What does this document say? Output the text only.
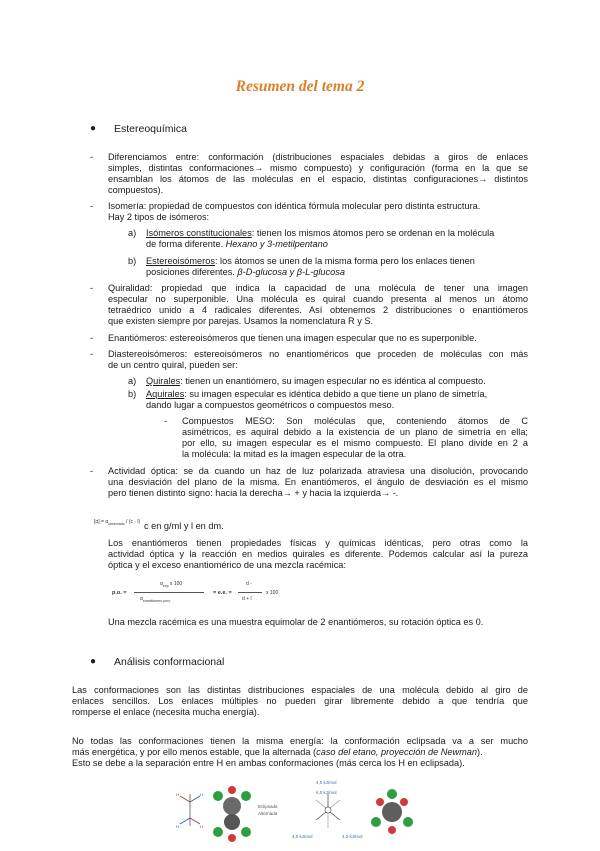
Resumen del tema 2
● Estereoquímica
- Diferenciamos entre: conformación (distribuciones espaciales debidas a giros de enlaces
simples, distintas conformaciones→ mismo compuesto) y configuración (forma en la que se
ensamblan los átomos de las moléculas en el espacio, distintas configuraciones→ distintos
compuestos).
- Isomería: propiedad de compuestos con idéntica fórmula molecular pero distinta estructura.
Hay 2 tipos de isómeros:
a) Isómeros constitucionales: tienen los mismos átomos pero se ordenan en la molécula
de forma diferente. Hexano y 3-metilpentano
b) Estereoisómeros: los átomos se unen de la misma forma pero los enlaces tienen
posiciones diferentes. β-D-glucosa y β-L-glucosa
- Quiralidad: propiedad que indica la capacidad de una molécula de tener una imagen
especular no superponible. Una molécula es quiral cuando presenta al menos un átomo
tetraédrico unido a 4 radicales diferentes. Así obtenemos 2 distribuciones o enantiómeros
que existen siempre por parejas. Usamos la nomenclatura R y S.
- Enantiómeros: estereoisómeros que tienen una imagen especular que no es superponible.
- Diastereoisómeros: estereoisómeros no enantioméricos que proceden de moléculas con más
de un centro quiral, pueden ser:
a) Quirales: tienen un enantiómero, su imagen especular no es idéntica al compuesto.
b) Aquirales: su imagen especular es idéntica debido a que tiene un plano de simetría,
dando lugar a compuestos geométricos o compuestos meso.
- Compuestos MESO: Son moléculas que, conteniendo átomos de C
asimétricos, es aquiral debido a la existencia de un plano de simetría en ella;
por ello, su imagen especular es el mismo compuesto. El plano divide en 2 a
la molécula: la mitad es la imagen especular de la otra.
- Actividad óptica: se da cuando un haz de luz polarizada atraviesa una disolución, provocando
una desviación del plano de la misma. En enantiómeros, el ángulo de desviación es el mismo
pero tienen distinto signo: hacia la derecha→ + y hacia la izquierda→ -.
$[\alpha] = \alpha_{observado} / (c \cdot l)$ c en g/ml y l en dm.
Los enantiómeros tienen propiedades físicas y químicas idénticas, pero otras como la
actividad óptica y la reacción en medios quirales es diferente. Podemos calcular así la pureza
óptica y el exceso enantiomérico de una mezcla racémica:
p.o. =
$\alpha_{exp}$ x 100
$\alpha_{enantiómero puro}$
= e.e. =
d -
d + l
x 100
Una mezcla racémica es una muestra equimolar de 2 enantiómeros, su rotación óptica es 0.
● Análisis conformacional
Las conformaciones son las distintas distribuciones espaciales de una molécula debido al giro de
enlaces sencillos. Los enlaces múltiples no pueden girar libremente debido a que tendría que
romperse el enlace (necesita mucha energía).
No todas las conformaciones tienen la misma energía: la conformación eclipsada va a ser mucho
más energética, y por ello menos estable, que la alternada (caso del etano, proyección de Newman).
Esto se debe a la separación entre H en ambas conformaciones (más cerca los H en eclipsada).
H	H
H	H
Eclipsada
Alternada
4,0 kJ/mol
4,0 kJ/mol
6,0 kJ/mol
4,0 kJ/mol
